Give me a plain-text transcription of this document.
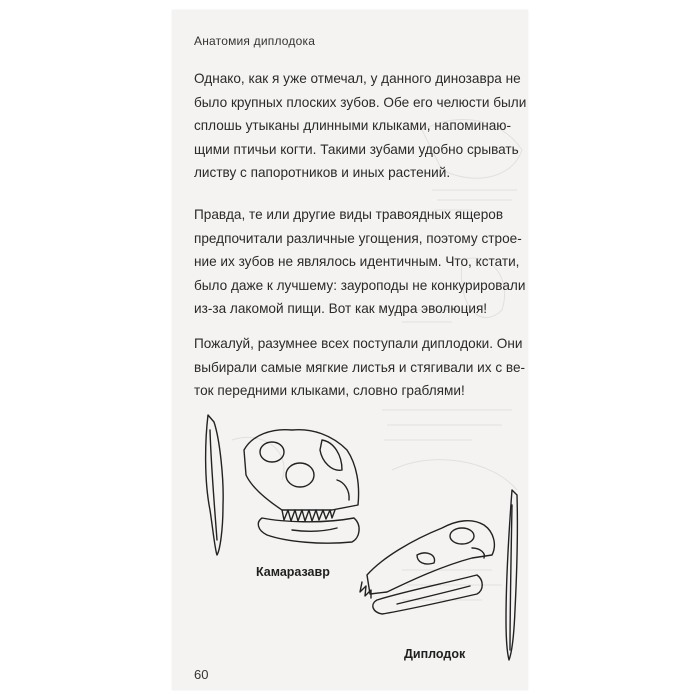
Анатомия диплодока

Однако, как я уже отмечал, у данного динозавра не
было крупных плоских зубов. Обе его челюсти были
сплошь утыканы длинными клыками, напоминаю-
щими птичьи когти. Такими зубами удобно срывать
листву с папоротников и иных растений.

Правда, те или другие виды травоядных ящеров
предпочитали различные угощения, поэтому строе-
ние их зубов не являлось идентичным. Что, кстати,
было даже к лучшему: зауроподы не конкурировали
из-за лакомой пищи. Вот как мудра эволюция!

Пожалуй, разумнее всех поступали диплодоки. Они
выбирали самые мягкие листья и стягивали их с ве-
ток передними клыками, словно граблями!

Камаразавр
Диплодок
60
